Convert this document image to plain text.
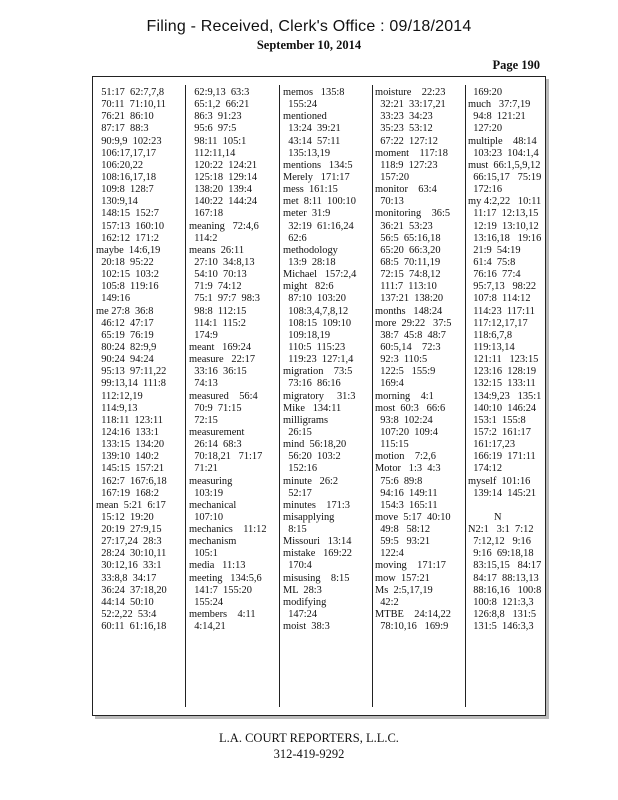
Filing - Received, Clerk's Office : 09/18/2014
September 10, 2014
Page 190
51:17  62:7,7,8
70:11  71:10,11
76:21  86:10
87:17  88:3
90:9,9  102:23
106:17,17,17
106:20,22
108:16,17,18
109:8  128:7
130:9,14
148:15  152:7
157:13  160:10
162:12  171:2
maybe  14:6,19
20:18  95:22
102:15  103:2
105:8  119:16
149:16
me 27:8  36:8
46:12  47:17
65:19  76:19
80:24  82:9,9
90:24  94:24
95:13  97:11,22
99:13,14  111:8
112:12,19
114:9,13
118:11  123:11
124:16  133:1
133:15  134:20
139:10  140:2
145:15  157:21
162:7  167:6,18
167:19  168:2
mean  5:21  6:17
15:12  19:20
20:19  27:9,15
27:17,24  28:3
28:24  30:10,11
30:12,16  33:1
33:8,8  34:17
36:24  37:18,20
44:14  50:10
52:2,22  53:4
60:11  61:16,18
62:9,13  63:3
65:1,2  66:21
86:3  91:23
95:6  97:5
98:11  105:1
112:11,14
120:22  124:21
125:18  129:14
138:20  139:4
140:22  144:24
167:18
meaning   72:4,6
114:2
means  26:11
27:10  34:8,13
54:10  70:13
71:9  74:12
75:1  97:7  98:3
98:8  112:15
114:1  115:2
174:9
meant   169:24
measure   22:17
33:16  36:15
74:13
measured    56:4
70:9  71:15
72:15
measurement
26:14  68:3
70:18,21   71:17
71:21
measuring
103:19
mechanical
107:10
mechanics    11:12
mechanism
105:1
media   11:13
meeting   134:5,6
141:7  155:20
155:24
members    4:11
4:14,21
memos   135:8
155:24
mentioned
13:24  39:21
43:14  57:11
135:13,19
mentions   134:5
Merely   171:17
mess  161:15
met  8:11  100:10
meter  31:9
32:19  61:16,24
62:6
methodology
13:9  28:18
Michael   157:2,4
might   82:6
87:10  103:20
108:3,4,7,8,12
108:15  109:10
109:18,19
110:5  115:23
119:23  127:1,4
migration    73:5
73:16  86:16
migratory     31:3
Mike   134:11
milligrams
26:15
mind  56:18,20
56:20  103:2
152:16
minute   26:2
52:17
minutes    171:3
misapplying
8:15
Missouri   13:14
mistake   169:22
170:4
misusing    8:15
ML  28:3
modifying
147:24
moist  38:3
moisture    22:23
32:21  33:17,21
33:23  34:23
35:23  53:12
67:22  127:12
moment    117:18
118:9  127:23
157:20
monitor    63:4
70:13
monitoring    36:5
36:21  53:23
56:5  65:16,18
65:20  66:3,20
68:5  70:11,19
72:15  74:8,12
111:7  113:10
137:21  138:20
months   148:24
more  29:22   37:5
38:7  45:8  48:7
60:5,14    72:3
92:3  110:5
122:5   155:9
169:4
morning    4:1
most  60:3   66:6
93:8  102:24
107:20  109:4
115:15
motion    7:2,6
Motor   1:3  4:3
75:6  89:8
94:16  149:11
154:3  165:11
move  5:17  40:10
49:8   58:12
59:5   93:21
122:4
moving    171:17
mow  157:21
Ms  2:5,17,19
42:2
MTBE    24:14,22
78:10,16   169:9
169:20
much   37:7,19
94:8  121:21
127:20
multiple    48:14
103:23  104:1,4
must  66:1,5,9,12
66:15,17   75:19
172:16
my 4:2,22   10:11
11:17  12:13,15
12:19  13:10,12
13:16,18   19:16
21:9  54:19
61:4  75:8
76:16  77:4
95:7,13   98:22
107:8  114:12
114:23  117:11
117:12,17,17
118:6,7,8
119:13,14
121:11   123:15
123:16  128:19
132:15  133:11
134:9,23   135:1
140:10  146:24
153:1  155:8
157:2  161:17
161:17,23
166:19  171:11
174:12
myself  101:16
139:14  145:21
N
N2:1   3:1  7:12
7:12,12   9:16
9:16  69:18,18
83:15,15   84:17
84:17  88:13,13
88:16,16   100:8
100:8  121:3,3
126:8,8   131:5
131:5  146:3,3
L.A. COURT REPORTERS, L.L.C.
312-419-9292
